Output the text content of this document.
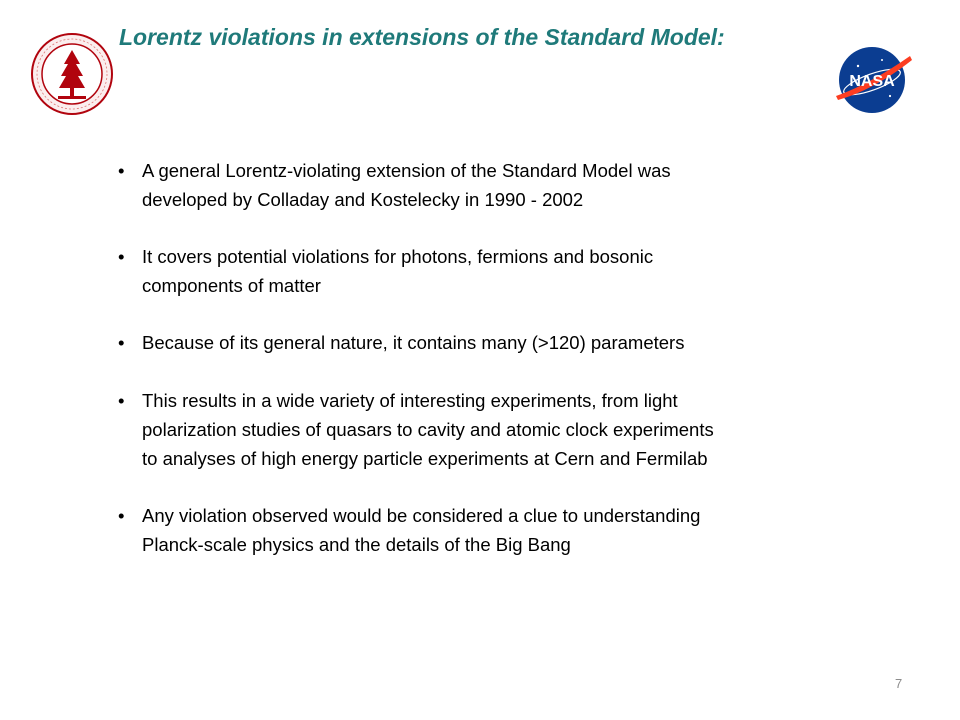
Lorentz violations in extensions of the Standard Model:
NASA
• A general Lorentz-violating extension of the Standard Model was
developed by Colladay and Kostelecky in 1990 - 2002
• It covers potential violations for photons, fermions and bosonic
components of matter
• Because of its general nature, it contains many (>120) parameters
• This results in a wide variety of interesting experiments, from light
polarization studies of quasars to cavity and atomic clock experiments
to analyses of high energy particle experiments at Cern and Fermilab
• Any violation observed would be considered a clue to understanding
Planck-scale physics and the details of the Big Bang
7
